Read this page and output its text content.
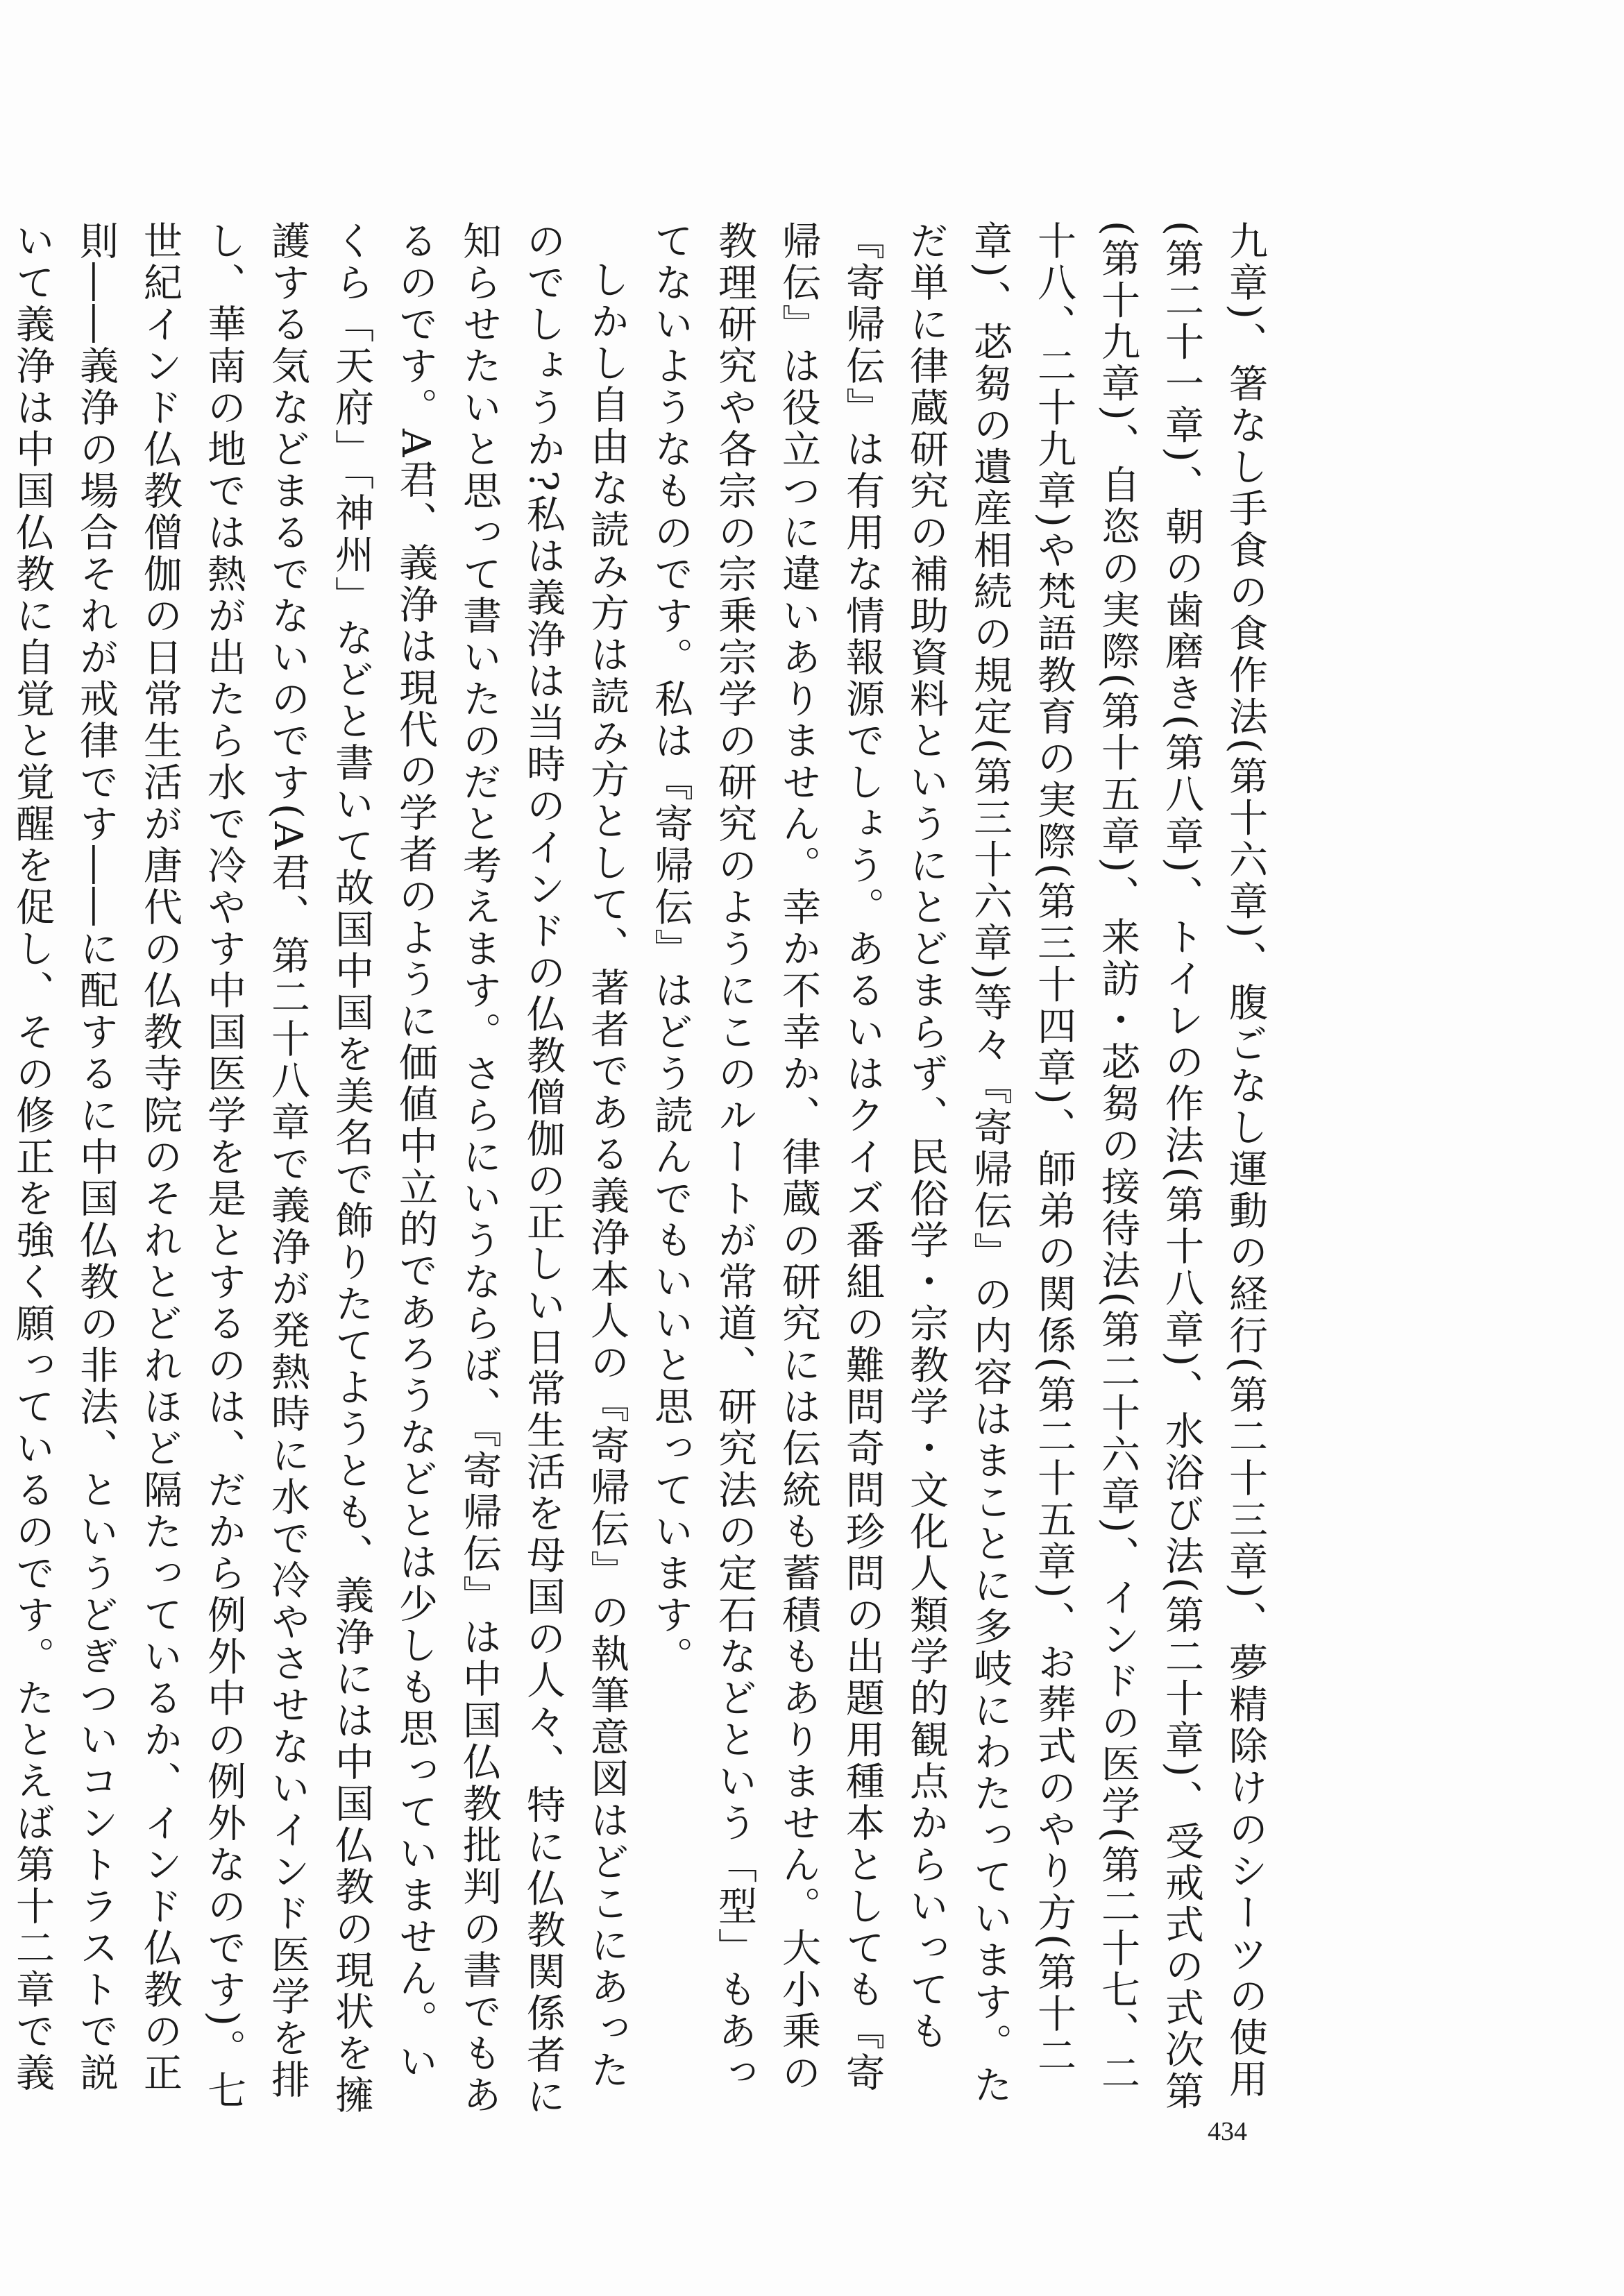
九章)、箸なし手食の食作法(第十六章)、腹ごなし運動の経行(第二十三章)、夢精除けのシーツの使用(第二十一章)、朝の歯磨き(第八章)、トイレの作法(第十八章)、水浴び法(第二十章)、受戒式の式次第(第十九章)、自恣の実際(第十五章)、来訪・苾芻の接待法(第二十六章)、インドの医学(第二十七、二十八、二十九章)や梵語教育の実際(第三十四章)、師弟の関係(第二十五章)、お葬式のやり方(第十二章)、苾芻の遺産相続の規定(第三十六章)等々『寄帰伝』の内容はまことに多岐にわたっています。ただ単に律蔵研究の補助資料というにとどまらず、民俗学・宗教学・文化人類学的観点からいっても『寄帰伝』は有用な情報源でしょう。あるいはクイズ番組の難問奇問珍問の出題用種本としても『寄帰伝』は役立つに違いありません。幸か不幸か、律蔵の研究には伝統も蓄積もありません。大小乗の教理研究や各宗の宗乗宗学の研究のようにこのルートが常道、研究法の定石などという「型」もあってないようなものです。私は『寄帰伝』はどう読んでもいいと思っています。

しかし自由な読み方は読み方として、著者である義浄本人の『寄帰伝』の執筆意図はどこにあったのでしょうか?私は義浄は当時のインドの仏教僧伽の正しい日常生活を母国の人々、特に仏教関係者に知らせたいと思って書いたのだと考えます。さらにいうならば、『寄帰伝』は中国仏教批判の書でもあるのです。A君、義浄は現代の学者のように価値中立的であろうなどとは少しも思っていません。いくら「天府」「神州」などと書いて故国中国を美名で飾りたてようとも、義浄には中国仏教の現状を擁護する気などまるでないのです(A君、第二十八章で義浄が発熱時に水で冷やさせないインド医学を排し、華南の地では熱が出たら水で冷やす中国医学を是とするのは、だから例外中の例外なのです)。七世紀インド仏教僧伽の日常生活が唐代の仏教寺院のそれとどれほど隔たっているか、インド仏教の正則――義浄の場合それが戒律です――に配するに中国仏教の非法、というどぎついコントラストで説いて義浄は中国仏教に自覚と覚醒を促し、その修正を強く願っているのです。たとえば第十二章で義

434
